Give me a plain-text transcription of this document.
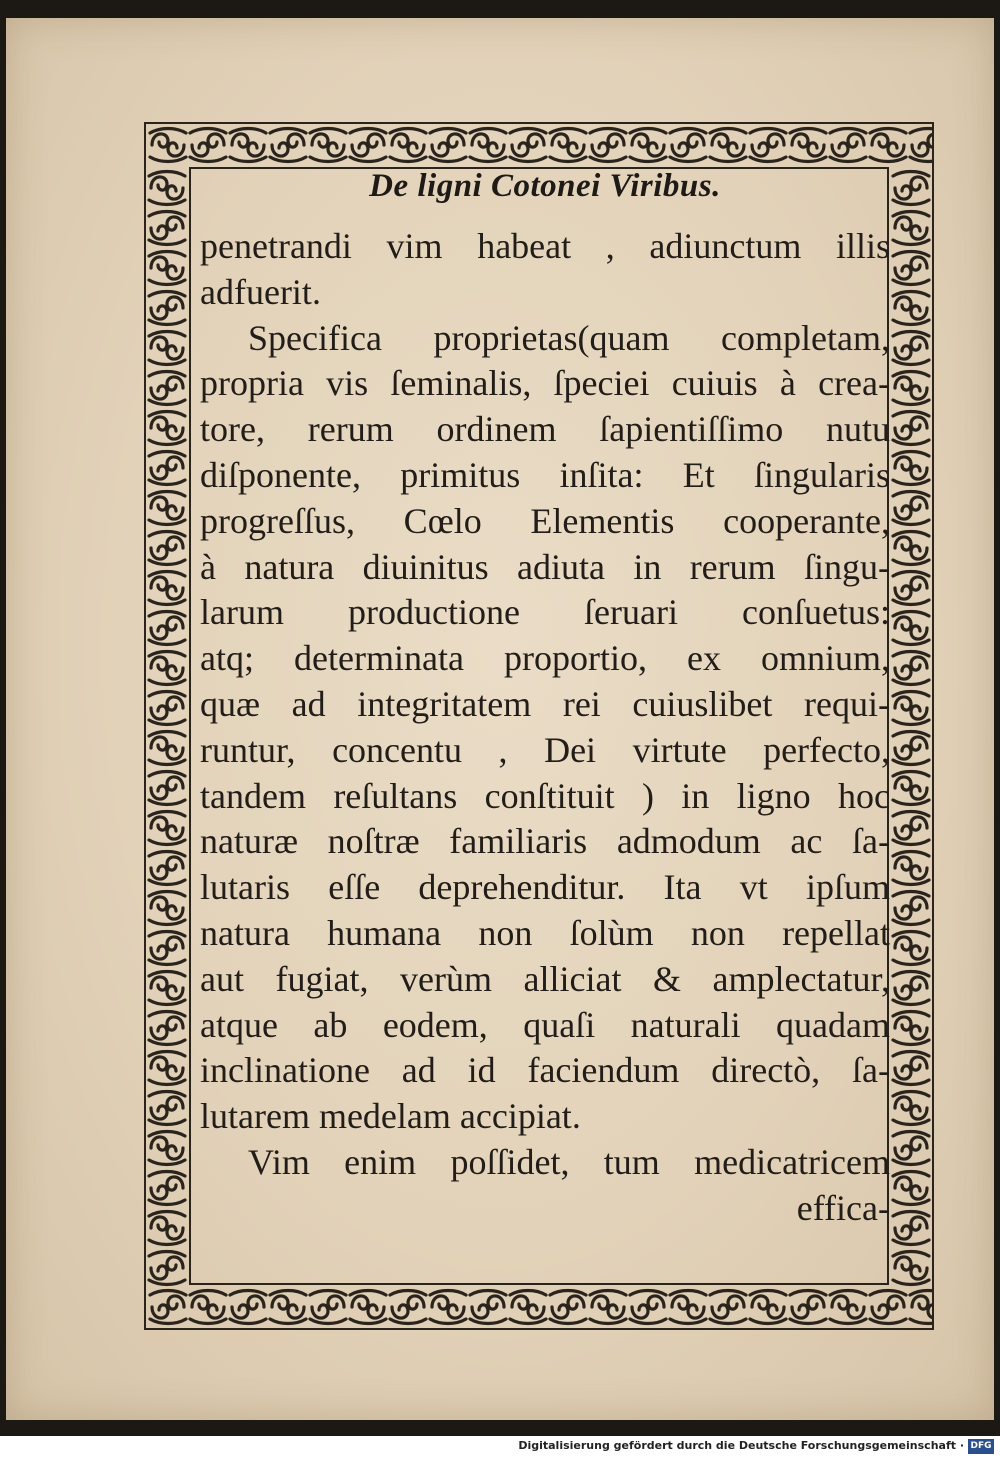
De ligni Cotonei Viribus.
penetrandi vim habeat , adiunctum illis
adfuerit.
Specifica proprietas(quam completam,
propria vis ſeminalis, ſpeciei cuiuis à crea-
tore, rerum ordinem ſapientiſſimo nutu
diſponente, primitus inſita: Et ſingularis
progreſſus, Cœlo Elementis cooperante,
à natura diuinitus adiuta in rerum ſingu-
larum productione ſeruari conſuetus:
atq; determinata proportio, ex omnium,
quæ ad integritatem rei cuiuslibet requi-
runtur, concentu , Dei virtute perfecto,
tandem reſultans conſtituit ) in ligno hoc
naturæ noſtræ familiaris admodum ac ſa-
lutaris eſſe deprehenditur. Ita vt ipſum
natura humana non ſolùm non repellat
aut fugiat, verùm alliciat & amplectatur,
atque ab eodem, quaſi naturali quadam
inclinatione ad id faciendum directò, ſa-
lutarem medelam accipiat.
Vim enim poſſidet, tum medicatricem
effica-
Digitalisierung gefördert durch die Deutsche Forschungsgemeinschaft · DFG
